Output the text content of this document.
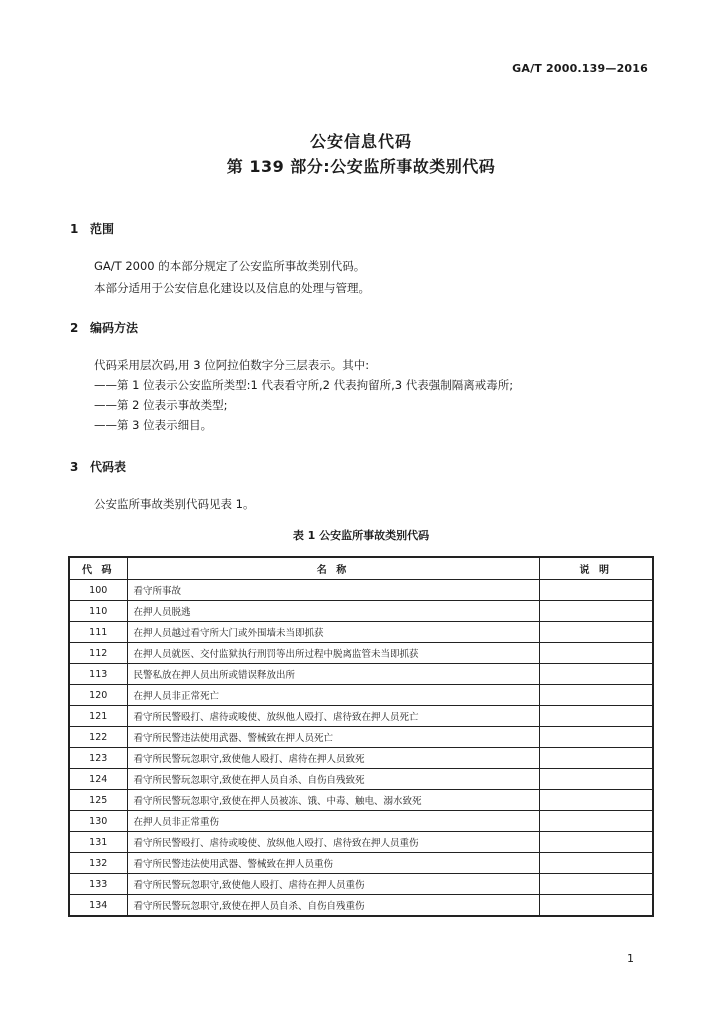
GA/T 2000.139—2016
公安信息代码
第 139 部分:公安监所事故类别代码
1 范围
GA/T 2000 的本部分规定了公安监所事故类别代码。
本部分适用于公安信息化建设以及信息的处理与管理。
2 编码方法
代码采用层次码,用 3 位阿拉伯数字分三层表示。其中:
——第 1 位表示公安监所类型:1 代表看守所,2 代表拘留所,3 代表强制隔离戒毒所;
——第 2 位表示事故类型;
——第 3 位表示细目。
3 代码表
公安监所事故类别代码见表 1。
表 1 公安监所事故类别代码
代 码	名 称	说 明
100	看守所事故	
110	在押人员脱逃	
111	在押人员越过看守所大门或外围墙未当即抓获	
112	在押人员就医、交付监狱执行刑罚等出所过程中脱离监管未当即抓获	
113	民警私放在押人员出所或错误释放出所	
120	在押人员非正常死亡	
121	看守所民警殴打、虐待或唆使、放纵他人殴打、虐待致在押人员死亡	
122	看守所民警违法使用武器、警械致在押人员死亡	
123	看守所民警玩忽职守,致使他人殴打、虐待在押人员致死	
124	看守所民警玩忽职守,致使在押人员自杀、自伤自残致死	
125	看守所民警玩忽职守,致使在押人员被冻、饿、中毒、触电、溺水致死	
130	在押人员非正常重伤	
131	看守所民警殴打、虐待或唆使、放纵他人殴打、虐待致在押人员重伤	
132	看守所民警违法使用武器、警械致在押人员重伤	
133	看守所民警玩忽职守,致使他人殴打、虐待在押人员重伤	
134	看守所民警玩忽职守,致使在押人员自杀、自伤自残重伤	
1
